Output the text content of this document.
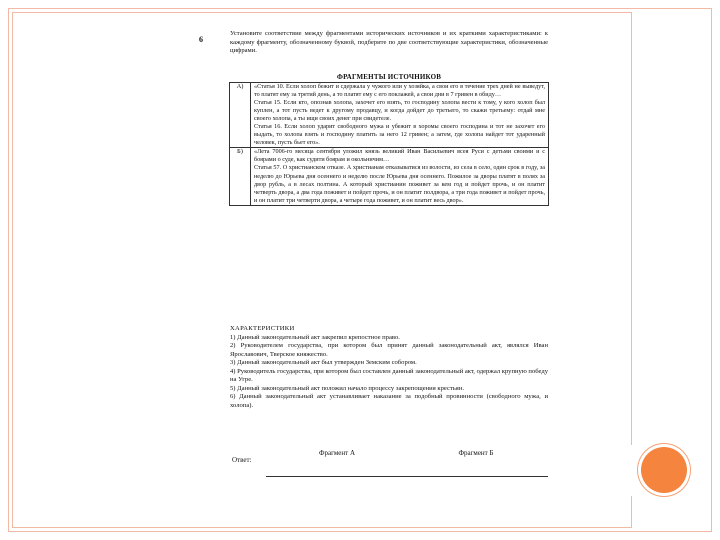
6
Установите соответствие между фрагментами исторических источников и их краткими характеристиками: к каждому фрагменту, обозначенному буквой, подберите по две соответствующие характеристики, обозначенные цифрами.
ФРАГМЕНТЫ ИСТОЧНИКОВ
А)	«Статья 10. Если холоп бежит и сдержала у чужого или у хозяйка, а свои его в течение трех дней не выведут, то платят ему за третий день, а то платят ему с его поклажей, а свои дни в 7 гривен в обиду…
Статья 15. Если кто, опознав холопа, захочет его взять, то господину холопа вести к тому, у кого холоп был куплен, а тот пусть ведет к другому продавцу, и когда дойдет до третьего, то скажи третьему: отдай мне своего холопа, а ты ищи своих денег при свидетеле.
Статья 16. Если холоп ударит свободного мужа и убежит в хоромы своего господина и тот не захочет его выдать, то холопа взять и господину платить за него 12 гривен; а затем, где холопа найдет тот ударенный человек, пусть бьет его».

Б)	«Лета 7006-го месяца сентября уложил князь великий Иван Васильевич всея Руси с детьми своими и с боярами о суде, как судити боярам и окольничим…
Статья 57. О христианском отказе. А христианам отказыватися из волости, из села в село, один срок в году, за неделю до Юрьева дня осеннего и неделю после Юрьева дня осеннего. Пожилое за дворы платят в полях за двор рубль, а в лесах полтина. А который христианин поживет за кем год и пойдет прочь, и он платит четверть двора, а два года поживет и пойдет прочь, и он платит полдвора, а три года поживет и пойдет прочь, и он платит три четверти двора, а четыре года поживет, и он платит весь двор».
ХАРАКТЕРИСТИКИ
1) Данный законодательный акт закрепил крепостное право.
2) Руководителем государства, при котором был принят данный законодательный акт, являлся Иван Ярославович, Тверское княжество.
3) Данный законодательный акт был утвержден Земским собором.
4) Руководитель государства, при котором был составлен данный законодательный акт, одержал крупную победу на Угре.
5) Данный законодательный акт положил начало процессу закрепощения крестьян.
6) Данный законодательный акт устанавливает наказание за подобный провинности (свободного мужа, и холопа).
Фрагмент А	Фрагмент Б
Ответ:
